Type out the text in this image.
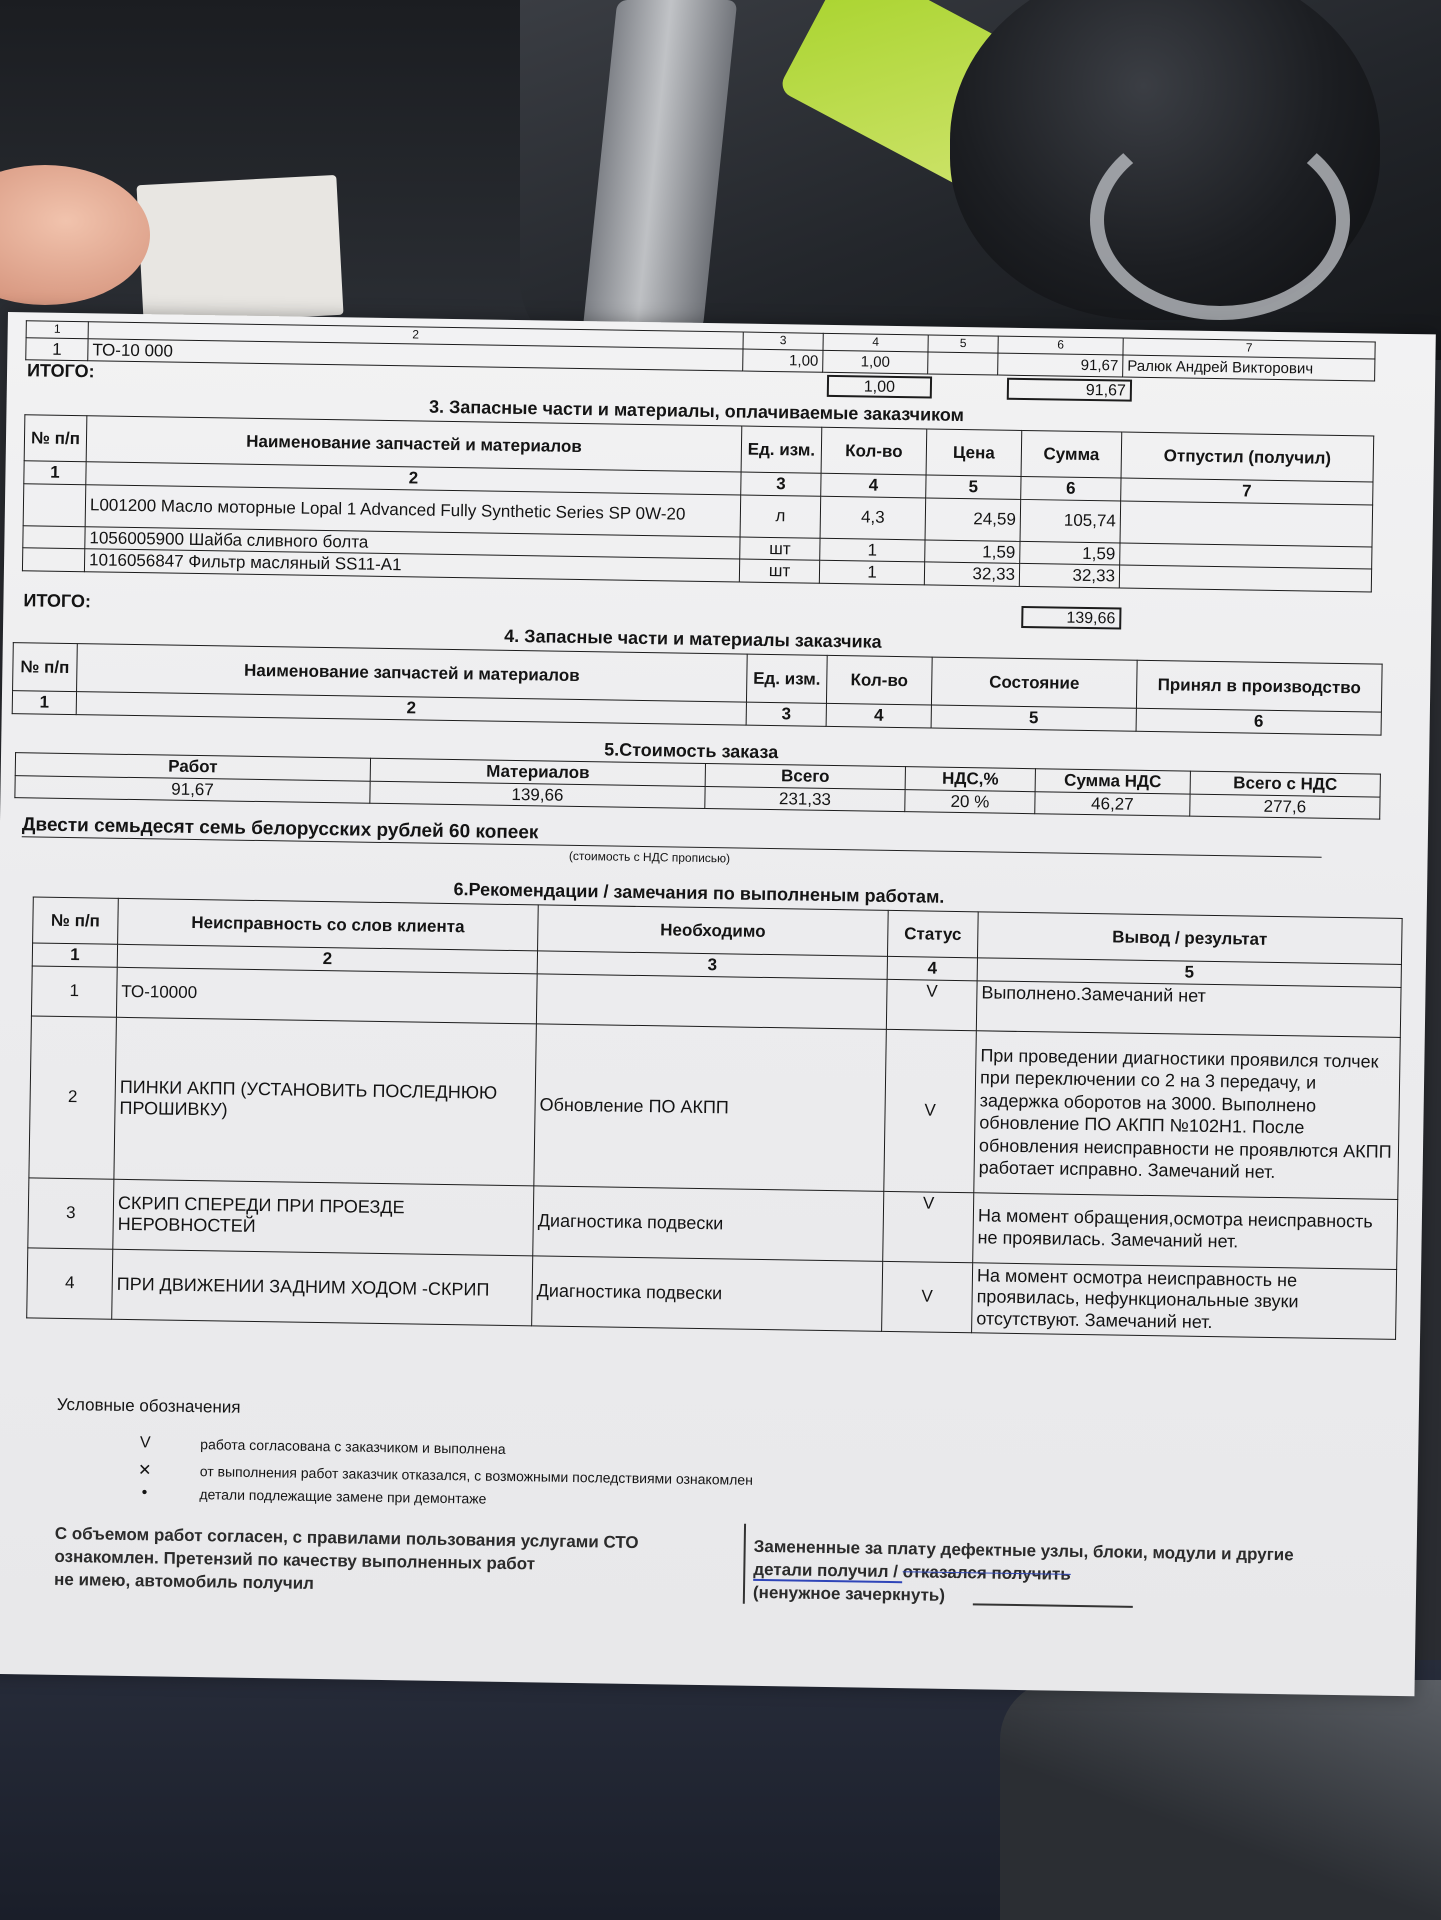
1	2	3	4	5	6	7
1	ТО-10 000	1,00	1,00		91,67	Ралюк Андрей Викторович
ИТОГО:
1,00	91,67
3. Запасные части и материалы, оплачиваемые заказчиком
№ п/п	Наименование запчастей и материалов	Ед. изм.	Кол-во	Цена	Сумма	Отпустил (получил)
1	2	3	4	5	6	7
	L001200 Масло моторные Lopal 1 Advanced Fully Synthetic Series SP 0W-20	л	4,3	24,59	105,74	
	1056005900 Шайба сливного болта	шт	1	1,59	1,59	
	1016056847 Фильтр масляный SS11-A1	шт	1	32,33	32,33	
ИТОГО:
139,66
4. Запасные части и материалы заказчика
№ п/п	Наименование запчастей и материалов	Ед. изм.	Кол-во	Состояние	Принял в производство
1	2	3	4	5	6
5.Стоимость заказа
Работ	Материалов	Всего	НДС,%	Сумма НДС	Всего с НДС
91,67	139,66	231,33	20 %	46,27	277,6
Двести семьдесят семь белорусских рублей 60 копеек
(стоимость с НДС прописью)
6.Рекомендации / замечания по выполненым работам.
№ п/п	Неисправность со слов клиента	Необходимо	Статус	Вывод / результат
1	2	3	4	5
1	ТО-10000		V	Выполнено.Замечаний нет
2	ПИНКИ АКПП (УСТАНОВИТЬ ПОСЛЕДНЮЮ ПРОШИВКУ)	Обновление ПО АКПП	V	При проведении диагностики проявился толчек при переключении со 2 на 3 передачу, и задержка оборотов на 3000. Выполнено обновление ПО АКПП №102Н1. После обновления неисправности не проявлются АКПП работает исправно. Замечаний нет.
3	СКРИП СПЕРЕДИ ПРИ ПРОЕЗДЕ НЕРОВНОСТЕЙ	Диагностика подвески	V	На момент обращения,осмотра неисправность не проявилась. Замечаний нет.
4	ПРИ ДВИЖЕНИИ ЗАДНИМ ХОДОМ -СКРИП	Диагностика подвески	V	На момент осмотра неисправность не проявилась, нефункциональные звуки отсутствуют. Замечаний нет.
Условные обозначения
V	работа согласована с заказчиком и выполнена
✕	от выполнения работ заказчик отказался, с возможными последствиями ознакомлен
•	детали подлежащие замене при демонтаже
С объемом работ согласен, с правилами пользования услугами СТО
ознакомлен. Претензий по качеству выполненных работ
не имею, автомобиль получил
Замененные за плату дефектные узлы, блоки, модули и другие
детали получил / отказался получить
(ненужное зачеркнуть)
